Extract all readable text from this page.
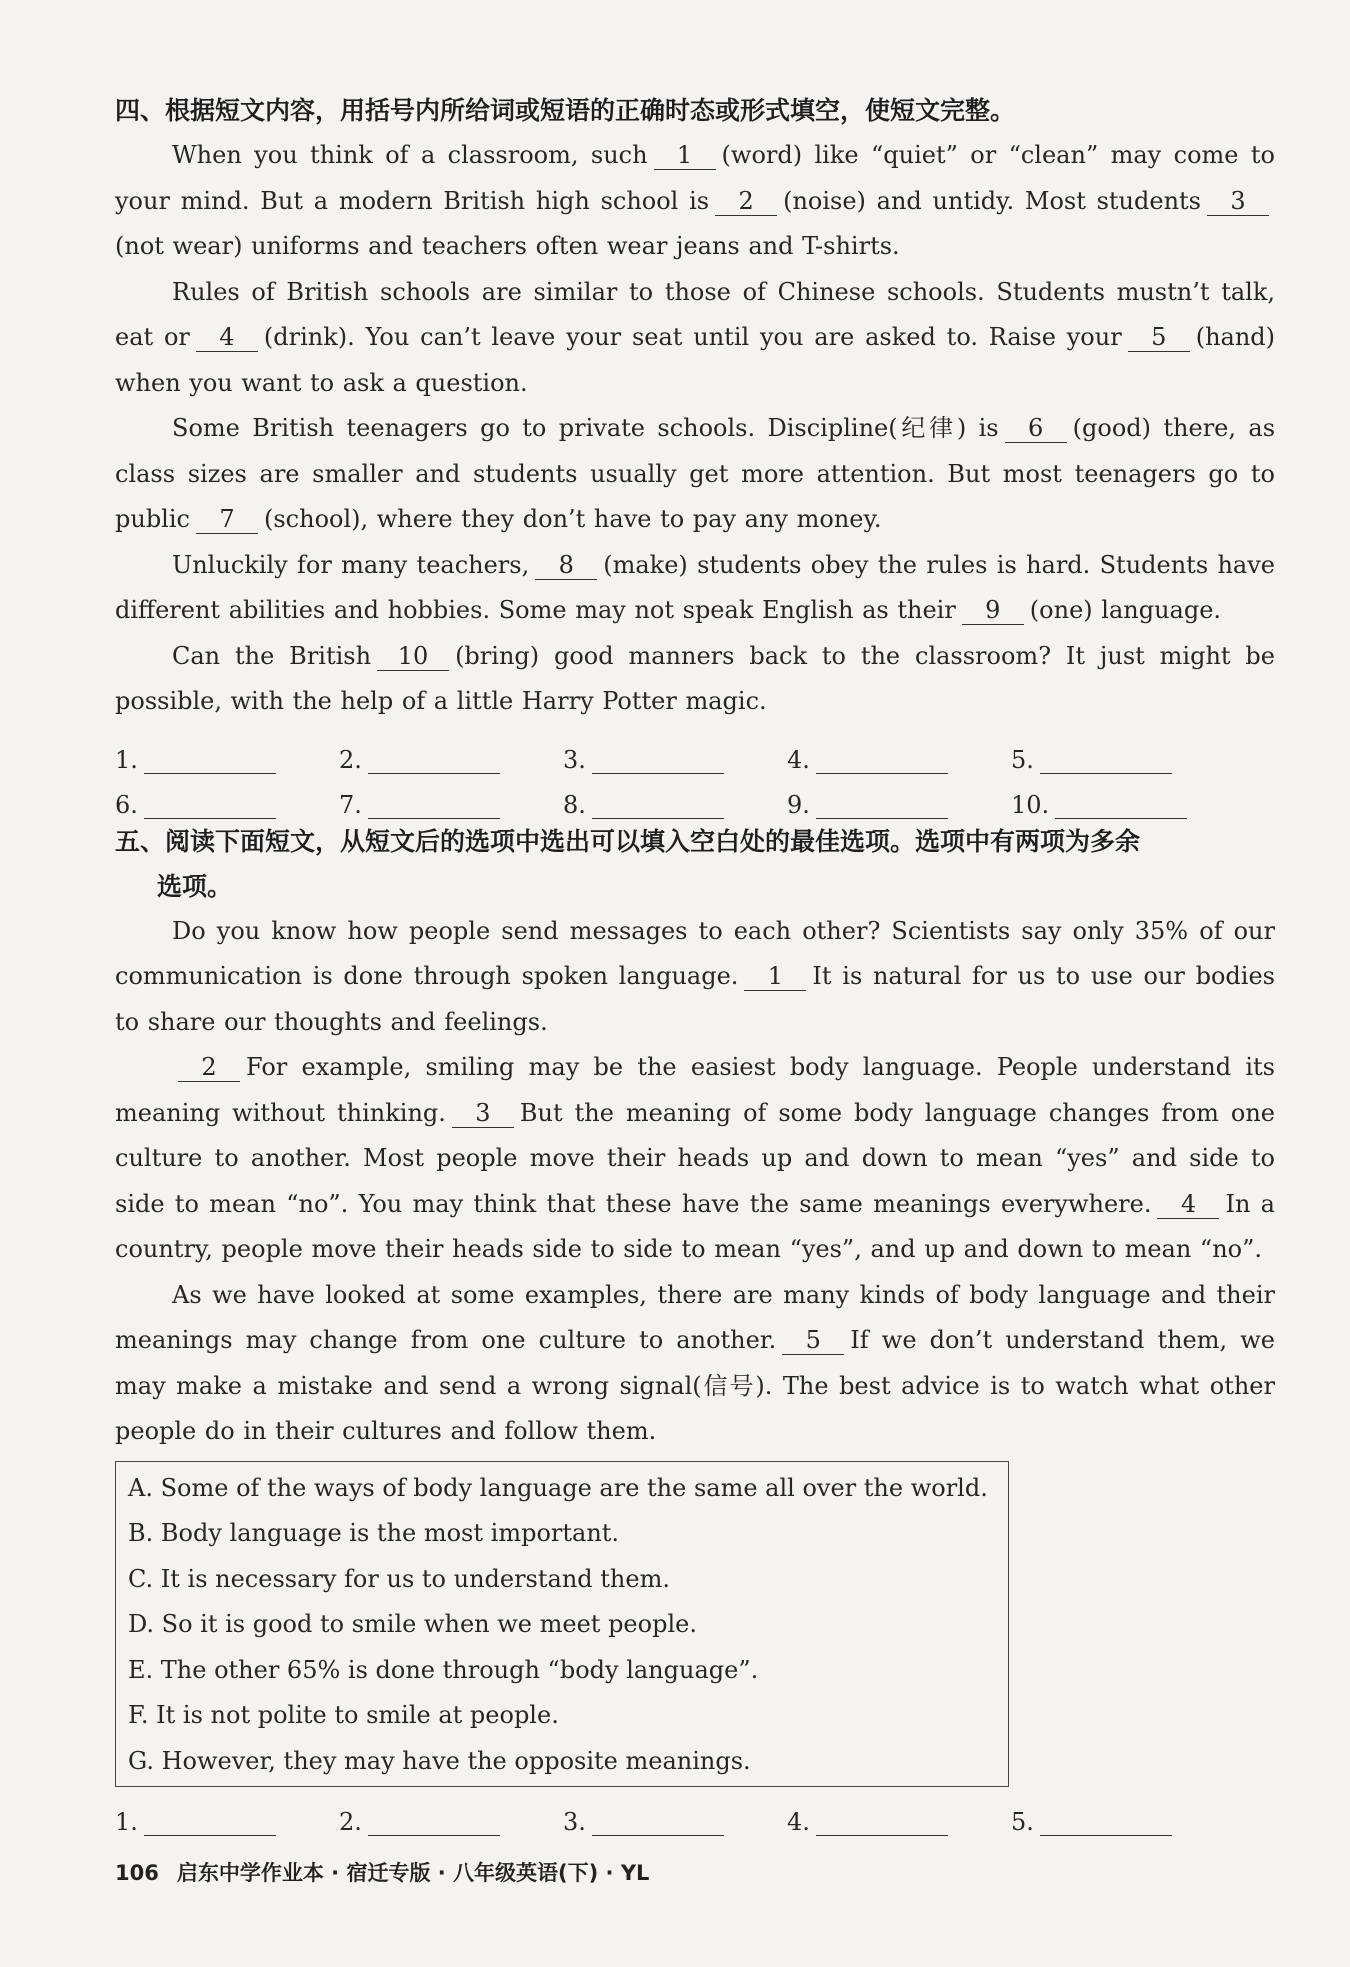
四、根据短文内容，用括号内所给词或短语的正确时态或形式填空，使短文完整。

When you think of a classroom, such 1 (word) like “quiet” or “clean” may come to your mind. But a modern British high school is 2 (noise) and untidy. Most students 3(not wear) uniforms and teachers often wear jeans and T-shirts.

Rules of British schools are similar to those of Chinese schools. Students mustn’t talk, eat or 4 (drink). You can’t leave your seat until you are asked to. Raise your 5 (hand) when you want to ask a question.

Some British teenagers go to private schools. Discipline(纪律) is 6 (good) there, as class sizes are smaller and students usually get more attention. But most teenagers go to public 7 (school), where they don’t have to pay any money.

Unluckily for many teachers, 8 (make) students obey the rules is hard. Students have different abilities and hobbies. Some may not speak English as their 9 (one) language.

Can the British 10 (bring) good manners back to the classroom? It just might be possible, with the help of a little Harry Potter magic.

1.	2.	3.	4.	5.
6.	7.	8.	9.	10.

五、阅读下面短文，从短文后的选项中选出可以填入空白处的最佳选项。选项中有两项为多余
选项。

Do you know how people send messages to each other? Scientists say only 35% of our communication is done through spoken language. 1 It is natural for us to use our bodies to share our thoughts and feelings.

2 For example, smiling may be the easiest body language. People understand its meaning without thinking. 3 But the meaning of some body language changes from one culture to another. Most people move their heads up and down to mean “yes” and side to side to mean “no”. You may think that these have the same meanings everywhere. 4 In a country, people move their heads side to side to mean “yes”, and up and down to mean “no”.

As we have looked at some examples, there are many kinds of body language and their meanings may change from one culture to another. 5 If we don’t understand them, we may make a mistake and send a wrong signal(信号). The best advice is to watch what other people do in their cultures and follow them.

A. Some of the ways of body language are the same all over the world.

B. Body language is the most important.

C. It is necessary for us to understand them.

D. So it is good to smile when we meet people.

E. The other 65% is done through “body language”.

F. It is not polite to smile at people.

G. However, they may have the opposite meanings.

1.	2.	3.	4.	5.
106 启东中学作业本 · 宿迁专版 · 八年级英语(下) · YL
